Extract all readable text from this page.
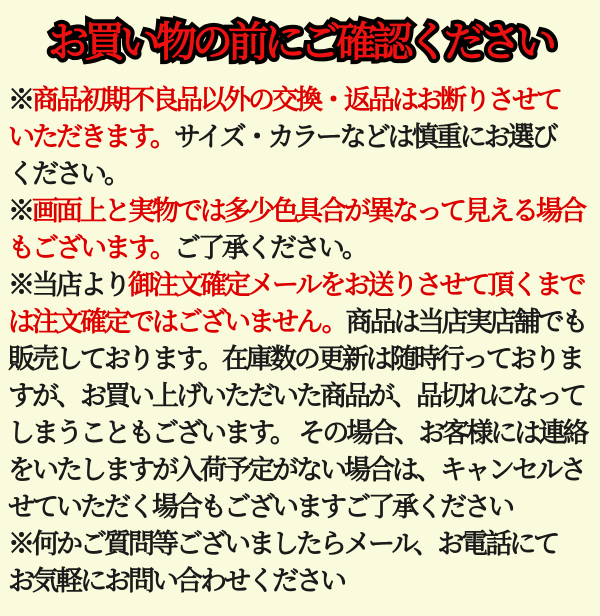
お買い物の前にご確認ください
※商品初期不良品以外の交換・返品はお断りさせて
いただきます。サイズ・カラーなどは慎重にお選び
ください。
※画面上と実物では多少色具合が異なって見える場合
もございます。ご了承ください。
※当店より御注文確定メールをお送りさせて頂くまで
は注文確定ではございません。商品は当店実店舗でも
販売しております。在庫数の更新は随時行っておりま
すが、お買い上げいただいた商品が、品切れになって
しまうこともございます。 その場合、お客様には連絡
をいたしますが入荷予定がない場合は、キャンセルさ
せていただく場合もございますご了承ください
※何かご質問等ございましたらメール、お電話にて
お気軽にお問い合わせください
